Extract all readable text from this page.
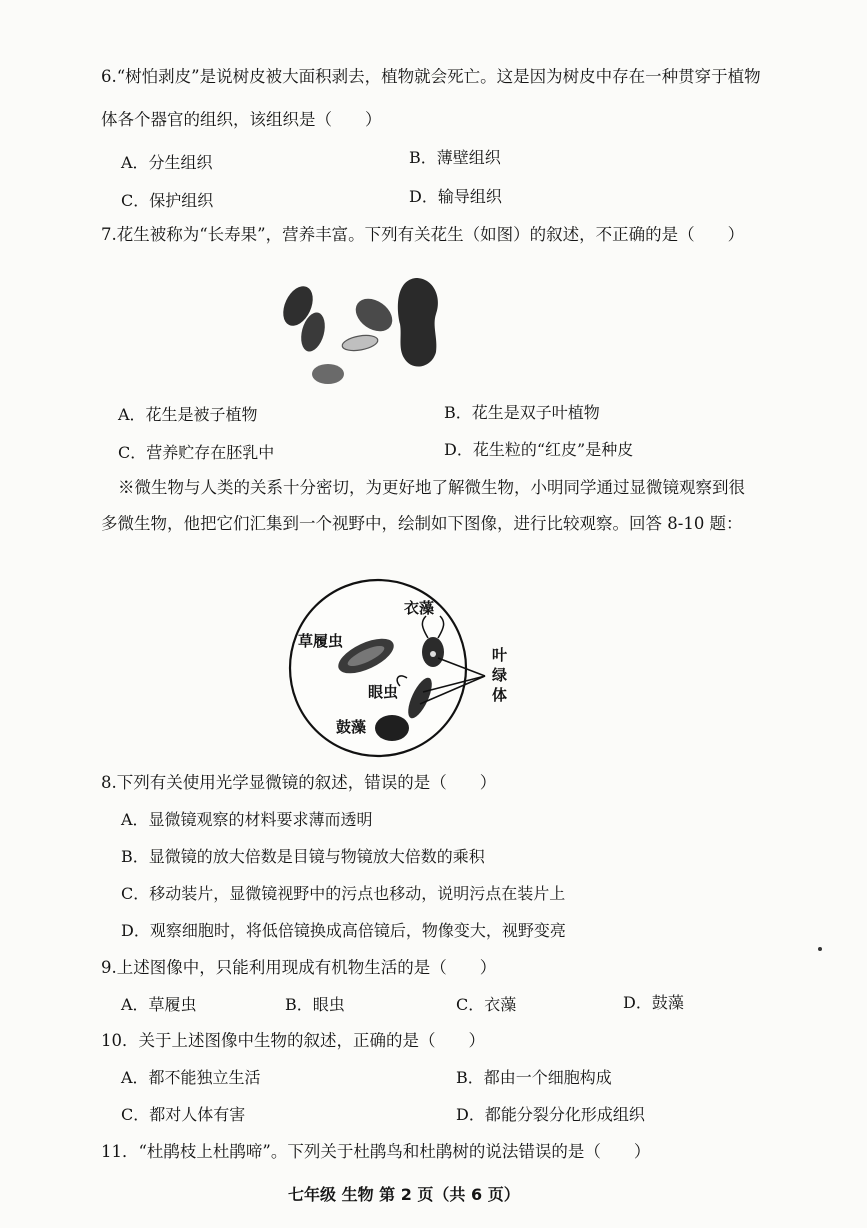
6.“树怕剥皮”是说树皮被大面积剥去，植物就会死亡。这是因为树皮中存在一种贯穿于植物
体各个器官的组织，该组织是（　　）
A．分生组织	B．薄壁组织
C．保护组织	D．输导组织
7.花生被称为“长寿果”，营养丰富。下列有关花生（如图）的叙述，不正确的是（　　）
A．花生是被子植物	B．花生是双子叶植物
C．营养贮存在胚乳中	D．花生粒的“红皮”是种皮
※微生物与人类的关系十分密切，为更好地了解微生物，小明同学通过显微镜观察到很
多微生物，他把它们汇集到一个视野中，绘制如下图像，进行比较观察。回答 8-10 题：
草履虫
衣藻
眼虫
鼓藻
叶
绿
体
8.下列有关使用光学显微镜的叙述，错误的是（　　）
A．显微镜观察的材料要求薄而透明
B．显微镜的放大倍数是目镜与物镜放大倍数的乘积
C．移动装片，显微镜视野中的污点也移动，说明污点在装片上
D．观察细胞时，将低倍镜换成高倍镜后，物像变大，视野变亮
9.上述图像中，只能利用现成有机物生活的是（　　）
A．草履虫	B．眼虫	C．衣藻	D．鼓藻
10．关于上述图像中生物的叙述，正确的是（　　）
A．都不能独立生活	B．都由一个细胞构成
C．都对人体有害	D．都能分裂分化形成组织
11．“杜鹃枝上杜鹃啼”。下列关于杜鹃鸟和杜鹃树的说法错误的是（　　）
七年级 生物 第 2 页（共 6 页）
